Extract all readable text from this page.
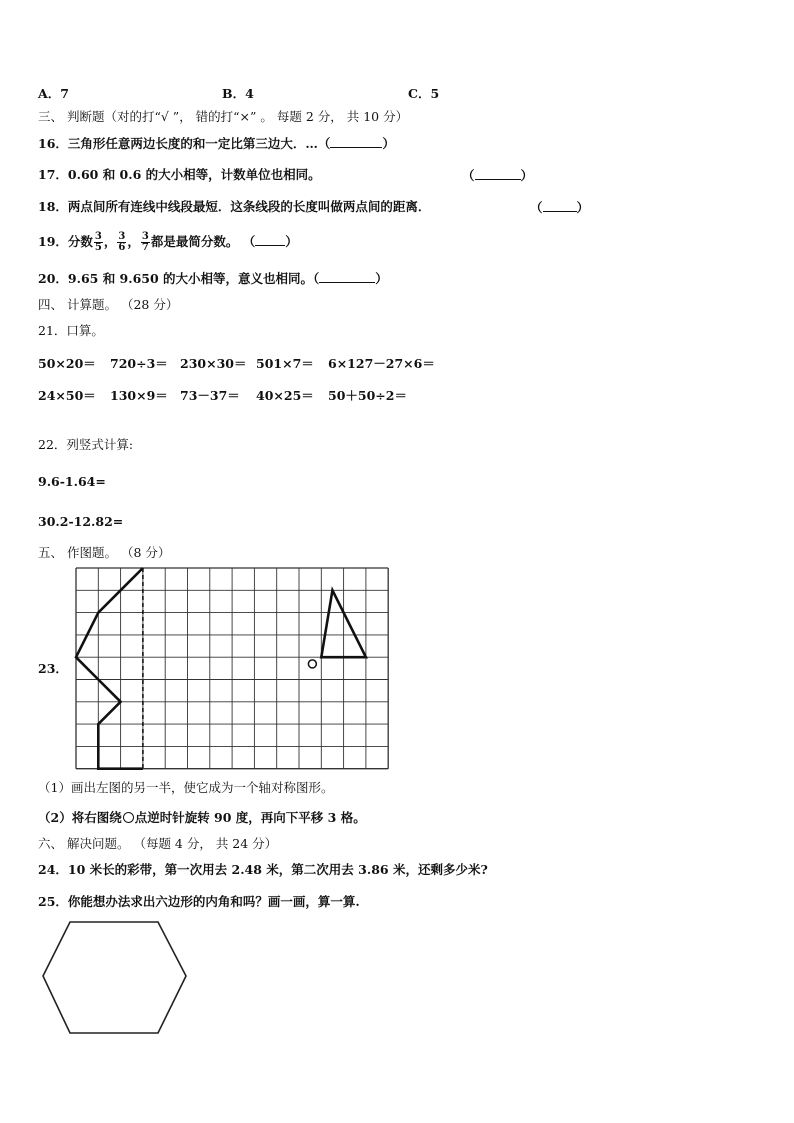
A．7	B．4	C．5
三、 判断题（对的打“√ ”， 错的打“×” 。 每题 2 分， 共 10 分）
16．三角形任意两边长度的和一定比第三边大．…（	）
17．0.60 和 0.6 的大小相等，计数单位也相同。	（	）
18．两点间所有连线中线段最短．这条线段的长度叫做两点间的距离．	（	）
19．分数 $\frac{3}{5}$ ， $\frac{3}{6}$ ， $\frac{3}{7}$ 都是最简分数。 （ ）
20．9.65 和 9.650 的大小相等，意义也相同。（	）
四、 计算题。 （28 分）
21．口算。
50×20＝ 720÷3＝ 230×30＝ 501×7＝ 6×127－27×6＝
24×50＝ 130×9＝ 73－37＝ 40×25＝ 50＋50÷2＝
22．列竖式计算:
9.6-1.64=
30.2-12.82=
五、 作图题。 （8 分）
23．
（1）画出左图的另一半，使它成为一个轴对称图形。
（2）将右图绕 点逆时针旋转 90 度，再向下平移 3 格。
六、 解决问题。 （每题 4 分， 共 24 分）
24．10 米长的彩带，第一次用去 2.48 米，第二次用去 3.86 米，还剩多少米?
25．你能想办法求出六边形的内角和吗？画一画，算一算.
